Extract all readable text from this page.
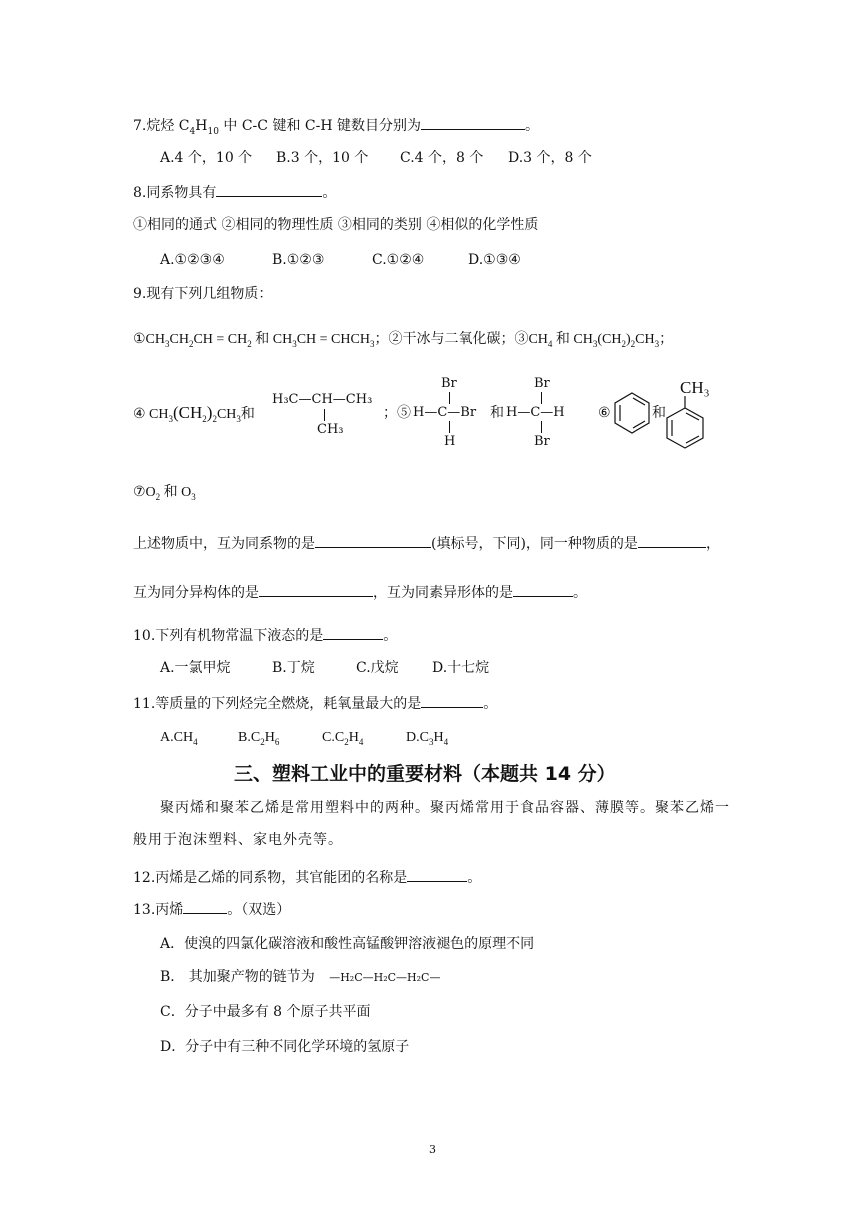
7.烷烃 $C_4H_{10}$ 中 C-C 键和 C-H 键数目分别为	。
A.4 个，10 个 B.3 个，10 个 C.4 个，8 个 D.3 个，8 个
8.同系物具有	。
①相同的通式 ②相同的物理性质 ③相同的类别 ④相似的化学性质
A.①②③④	B.①②③	C.①②④	D.①③④
9.现有下列几组物质：
$①CH_3CH_2CH = CH_2$ 和 $CH_3CH$ = $CHCH_3$；②干冰与二氧化碳；$③CH_4$ 和 $CH_3(CH_2)_2CH_3$；
④ $CH_3(CH_2)_2CH_3$和
H₃C—CH—CH₃
CH₃
；⑤
Br
H—C—Br
H
和
Br
H—C—H
Br
⑥	和
CH₃
$⑦O_2$ 和 $O_3$
上述物质中，互为同系物的是	(填标号，下同)，同一种物质的是	，
互为同分异构体的是	，互为同素异形体的是	。
10.下列有机物常温下液态的是	。
A.一氯甲烷	B.丁烷	C.戊烷 D.十七烷
11.等质量的下列烃完全燃烧，耗氧量最大的是	。
$A.CH_4$	$B.C_2H_6$	$C.C_2H_4$	$D.C_3H_4$
三、塑料工业中的重要材料（本题共 14 分）
聚丙烯和聚苯乙烯是常用塑料中的两种。聚丙烯常用于食品容器、薄膜等。聚苯乙烯一
般用于泡沫塑料、家电外壳等。
12.丙烯是乙烯的同系物，其官能团的名称是	。
13.丙烯	。（双选）
A．使溴的四氯化碳溶液和酸性高锰酸钾溶液褪色的原理不同
B． 其加聚产物的链节为 —H₂C—H₂C—H₂C—
C．分子中最多有 8 个原子共平面
D．分子中有三种不同化学环境的氢原子
3
